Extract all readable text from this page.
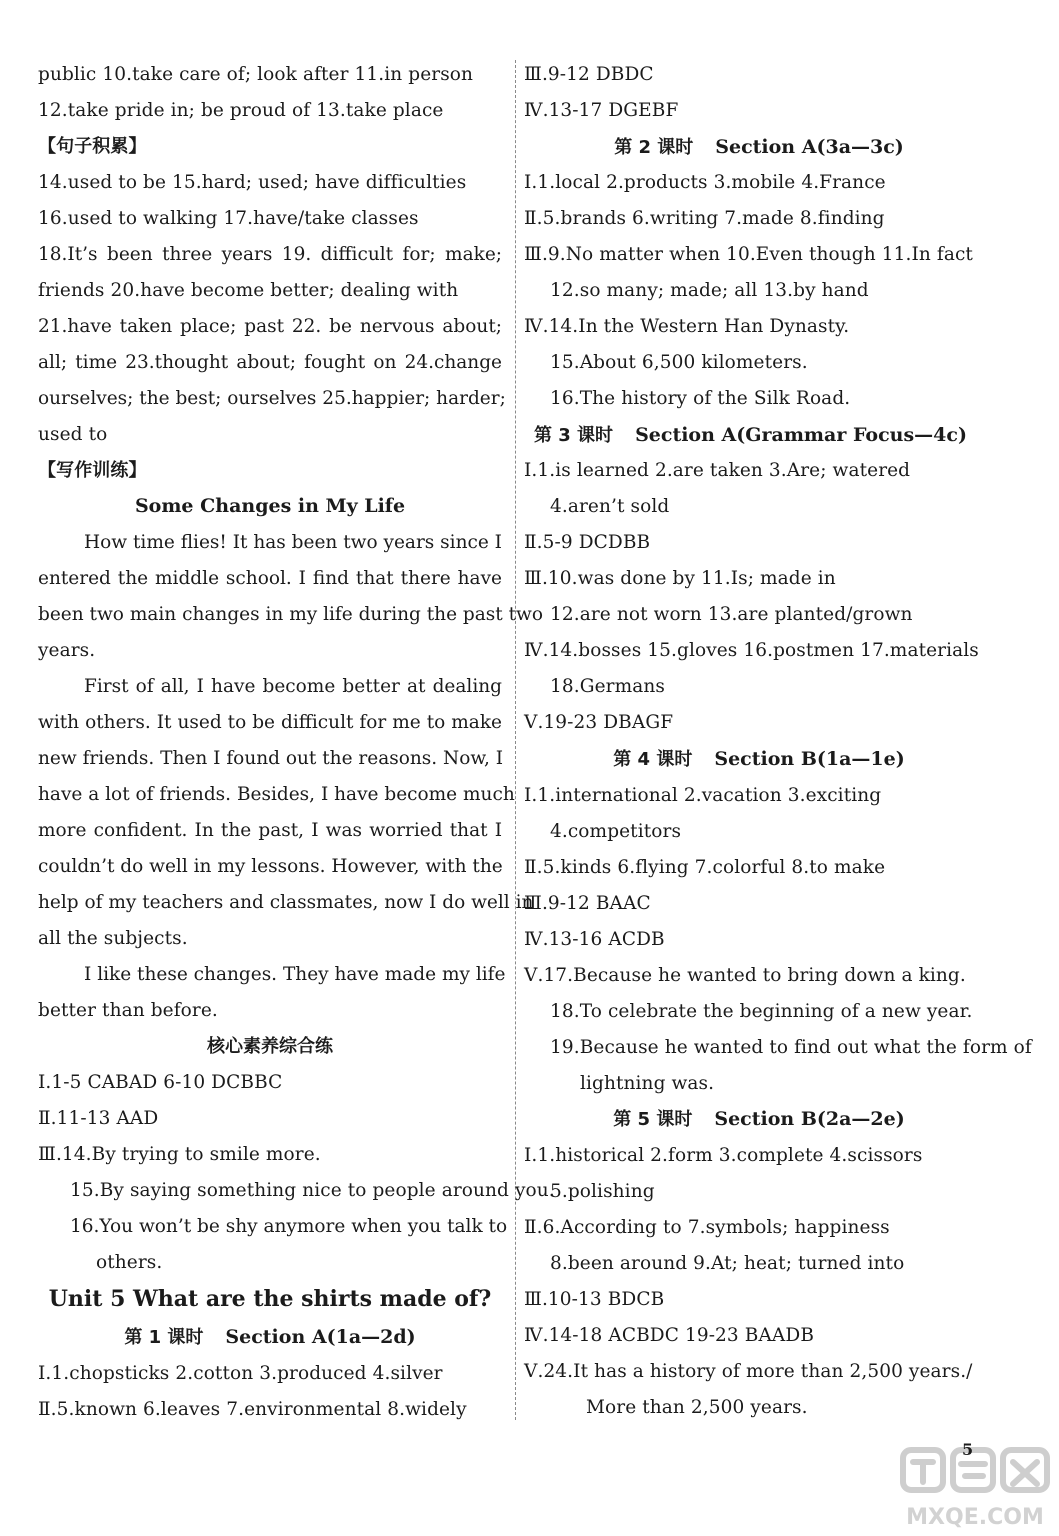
public 10.take care of; look after 11.in person
12.take pride in; be proud of 13.take place
【句子积累】
14.used to be 15.hard; used; have difficulties
16.used to walking 17.have/take classes
18.It’s been three years 19. difficult for; make;
friends 20.have become better; dealing with
21.have taken place; past 22. be nervous about;
all; time 23.thought about; fought on 24.change
ourselves; the best; ourselves 25.happier; harder;
used to
【写作训练】
Some Changes in My Life
How time flies! It has been two years since I
entered the middle school. I find that there have
been two main changes in my life during the past two
years.
First of all, I have become better at dealing
with others. It used to be difficult for me to make
new friends. Then I found out the reasons. Now, I
have a lot of friends. Besides, I have become much
more confident. In the past, I was worried that I
couldn’t do well in my lessons. However, with the
help of my teachers and classmates, now I do well in
all the subjects.
I like these changes. They have made my life
better than before.
核心素养综合练
Ⅰ.1-5 CABAD 6-10 DCBBC
Ⅱ.11-13 AAD
Ⅲ.14.By trying to smile more.
15.By saying something nice to people around you.
16.You won’t be shy anymore when you talk to
others.
Unit 5 What are the shirts made of?
第 1 课时 Section A(1a—2d)
Ⅰ.1.chopsticks 2.cotton 3.produced 4.silver
Ⅱ.5.known 6.leaves 7.environmental 8.widely
Ⅲ.9-12 DBDC
Ⅳ.13-17 DGEBF
第 2 课时 Section A(3a—3c)
Ⅰ.1.local 2.products 3.mobile 4.France
Ⅱ.5.brands 6.writing 7.made 8.finding
Ⅲ.9.No matter when 10.Even though 11.In fact
12.so many; made; all 13.by hand
Ⅳ.14.In the Western Han Dynasty.
15.About 6,500 kilometers.
16.The history of the Silk Road.
第 3 课时 Section A(Grammar Focus—4c)
Ⅰ.1.is learned 2.are taken 3.Are; watered
4.aren’t sold
Ⅱ.5-9 DCDBB
Ⅲ.10.was done by 11.Is; made in
12.are not worn 13.are planted/grown
Ⅳ.14.bosses 15.gloves 16.postmen 17.materials
18.Germans
Ⅴ.19-23 DBAGF
第 4 课时 Section B(1a—1e)
Ⅰ.1.international 2.vacation 3.exciting
4.competitors
Ⅱ.5.kinds 6.flying 7.colorful 8.to make
Ⅲ.9-12 BAAC
Ⅳ.13-16 ACDB
Ⅴ.17.Because he wanted to bring down a king.
18.To celebrate the beginning of a new year.
19.Because he wanted to find out what the form of
lightning was.
第 5 课时 Section B(2a—2e)
Ⅰ.1.historical 2.form 3.complete 4.scissors
5.polishing
Ⅱ.6.According to 7.symbols; happiness
8.been around 9.At; heat; turned into
Ⅲ.10-13 BDCB
Ⅳ.14-18 ACBDC 19-23 BAADB
Ⅴ.24.It has a history of more than 2,500 years./
More than 2,500 years.
MXQE.COM
5
